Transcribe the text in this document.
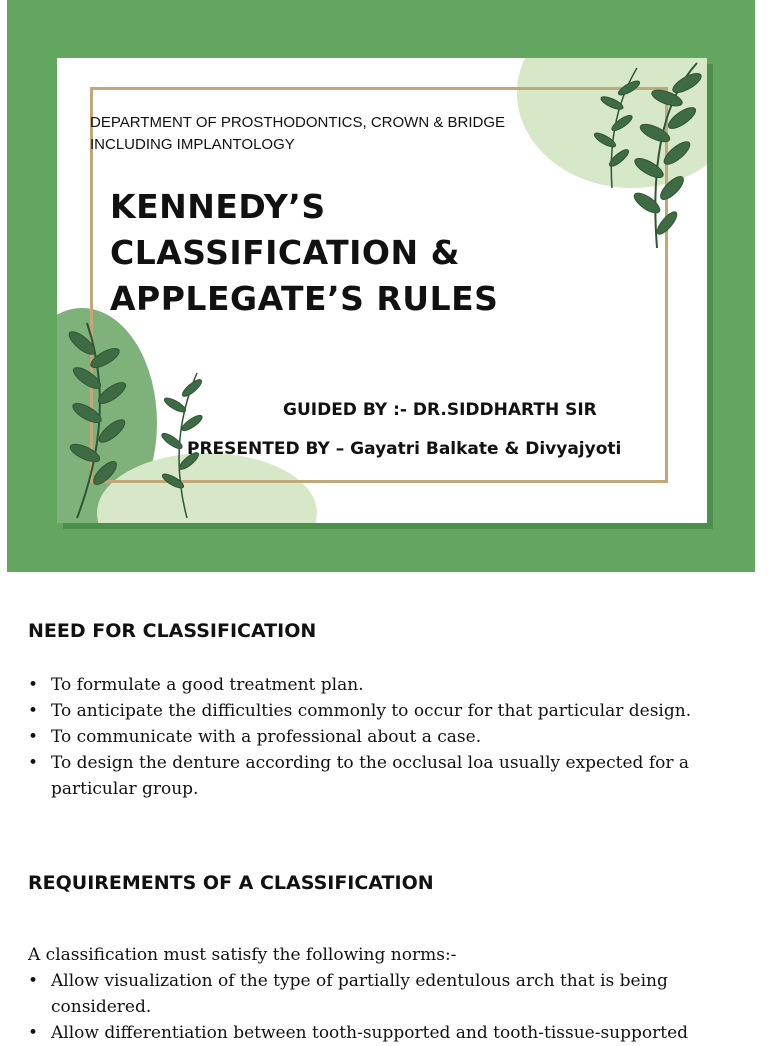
DEPARTMENT OF PROSTHODONTICS, CROWN & BRIDGE INCLUDING IMPLANTOLOGY
KENNEDY’S CLASSIFICATION & APPLEGATE’S RULES
GUIDED BY :- DR.SIDDHARTH SIR
PRESENTED BY – Gayatri Balkate & Divyajyoti
NEED FOR CLASSIFICATION
• To formulate a good treatment plan.
• To anticipate the difficulties commonly to occur for that particular design.
• To communicate with a professional about a case.
• To design the denture according to the occlusal loa usually expected for a particular group.
REQUIREMENTS OF A CLASSIFICATION
A classification must satisfy the following norms:-
• Allow visualization of the type of partially edentulous arch that is being considered.
• Allow differentiation between tooth-supported and tooth-tissue-supported
